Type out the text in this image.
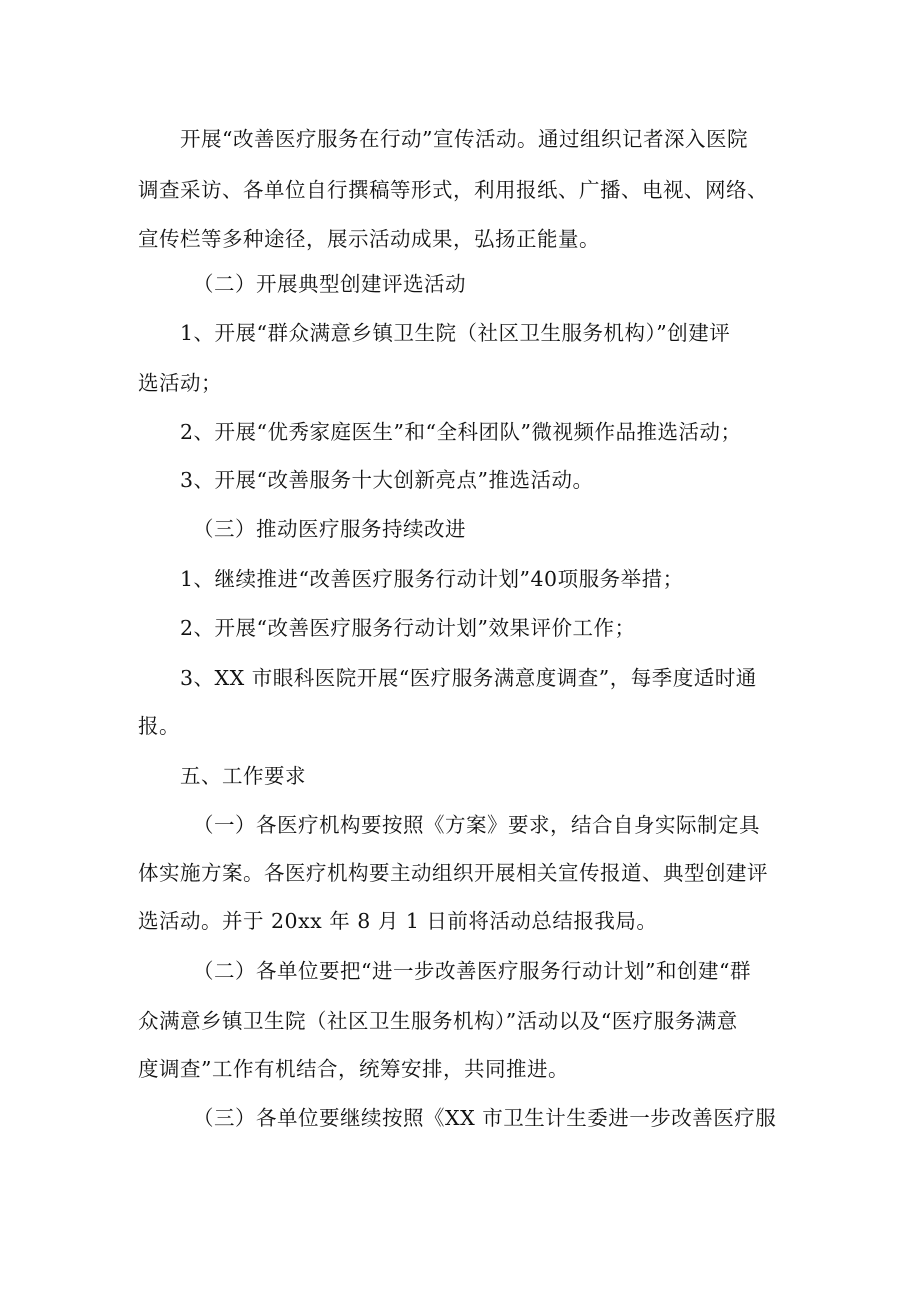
开展“改善医疗服务在行动”宣传活动。通过组织记者深入医院
调查采访、各单位自行撰稿等形式，利用报纸、广播、电视、网络、
宣传栏等多种途径，展示活动成果，弘扬正能量。
（二）开展典型创建评选活动
1、开展“群众满意乡镇卫生院（社区卫生服务机构）”创建评
选活动；
2、开展“优秀家庭医生”和“全科团队”微视频作品推选活动；
3、开展“改善服务十大创新亮点”推选活动。
（三）推动医疗服务持续改进
1、继续推进“改善医疗服务行动计划”40项服务举措；
2、开展“改善医疗服务行动计划”效果评价工作；
3、XX 市眼科医院开展“医疗服务满意度调查”，每季度适时通
报。
五、工作要求
（一）各医疗机构要按照《方案》要求，结合自身实际制定具
体实施方案。各医疗机构要主动组织开展相关宣传报道、典型创建评
选活动。并于 20xx 年 8 月 1 日前将活动总结报我局。
（二）各单位要把“进一步改善医疗服务行动计划”和创建“群
众满意乡镇卫生院（社区卫生服务机构）”活动以及“医疗服务满意
度调查”工作有机结合，统筹安排，共同推进。
（三）各单位要继续按照《XX 市卫生计生委进一步改善医疗服
